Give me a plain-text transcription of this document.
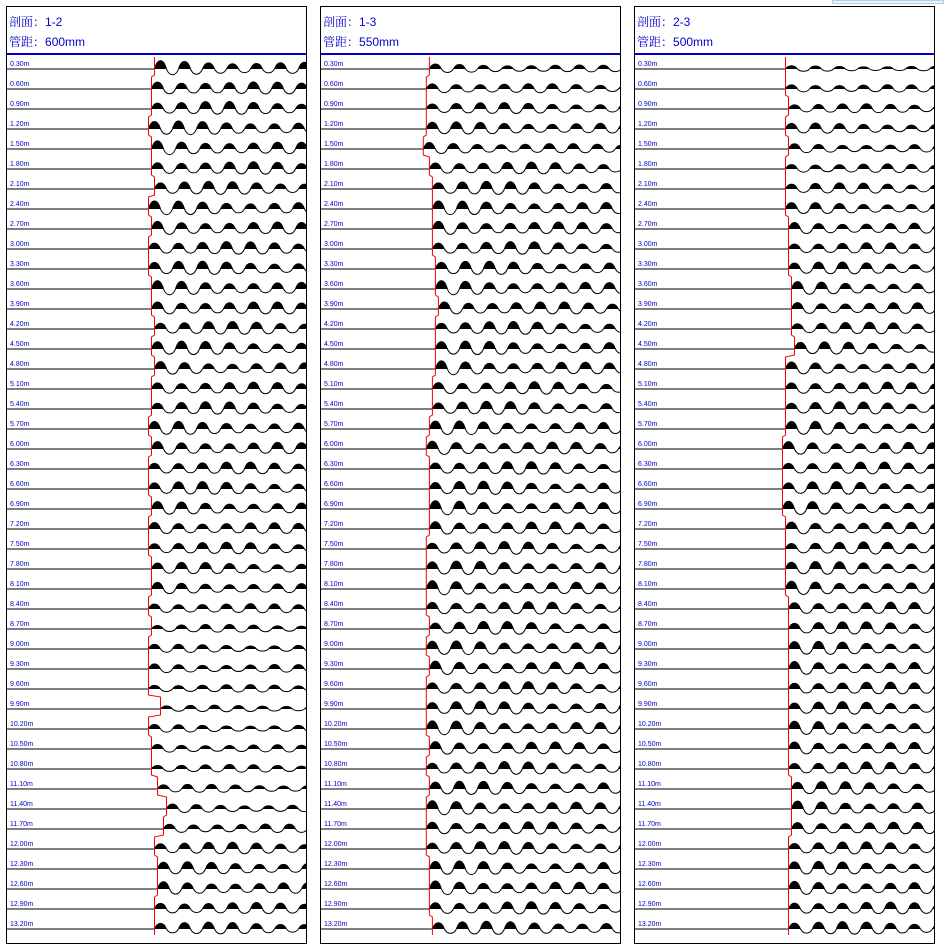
剖面：1-2
管距：600mm
0.30m
0.60m
0.90m
1.20m
1.50m
1.80m
2.10m
2.40m
2.70m
3.00m
3.30m
3.60m
3.90m
4.20m
4.50m
4.80m
5.10m
5.40m
5.70m
6.00m
6.30m
6.60m
6.90m
7.20m
7.50m
7.80m
8.10m
8.40m
8.70m
9.00m
9.30m
9.60m
9.90m
10.20m
10.50m
10.80m
11.10m
11.40m
11.70m
12.00m
12.30m
12.60m
12.90m
13.20m
剖面：1-3
管距：550mm
0.30m
0.60m
0.90m
1.20m
1.50m
1.80m
2.10m
2.40m
2.70m
3.00m
3.30m
3.60m
3.90m
4.20m
4.50m
4.80m
5.10m
5.40m
5.70m
6.00m
6.30m
6.60m
6.90m
7.20m
7.50m
7.80m
8.10m
8.40m
8.70m
9.00m
9.30m
9.60m
9.90m
10.20m
10.50m
10.80m
11.10m
11.40m
11.70m
12.00m
12.30m
12.60m
12.90m
13.20m
剖面：2-3
管距：500mm
0.30m
0.60m
0.90m
1.20m
1.50m
1.80m
2.10m
2.40m
2.70m
3.00m
3.30m
3.60m
3.90m
4.20m
4.50m
4.80m
5.10m
5.40m
5.70m
6.00m
6.30m
6.60m
6.90m
7.20m
7.50m
7.80m
8.10m
8.40m
8.70m
9.00m
9.30m
9.60m
9.90m
10.20m
10.50m
10.80m
11.10m
11.40m
11.70m
12.00m
12.30m
12.60m
12.90m
13.20m
